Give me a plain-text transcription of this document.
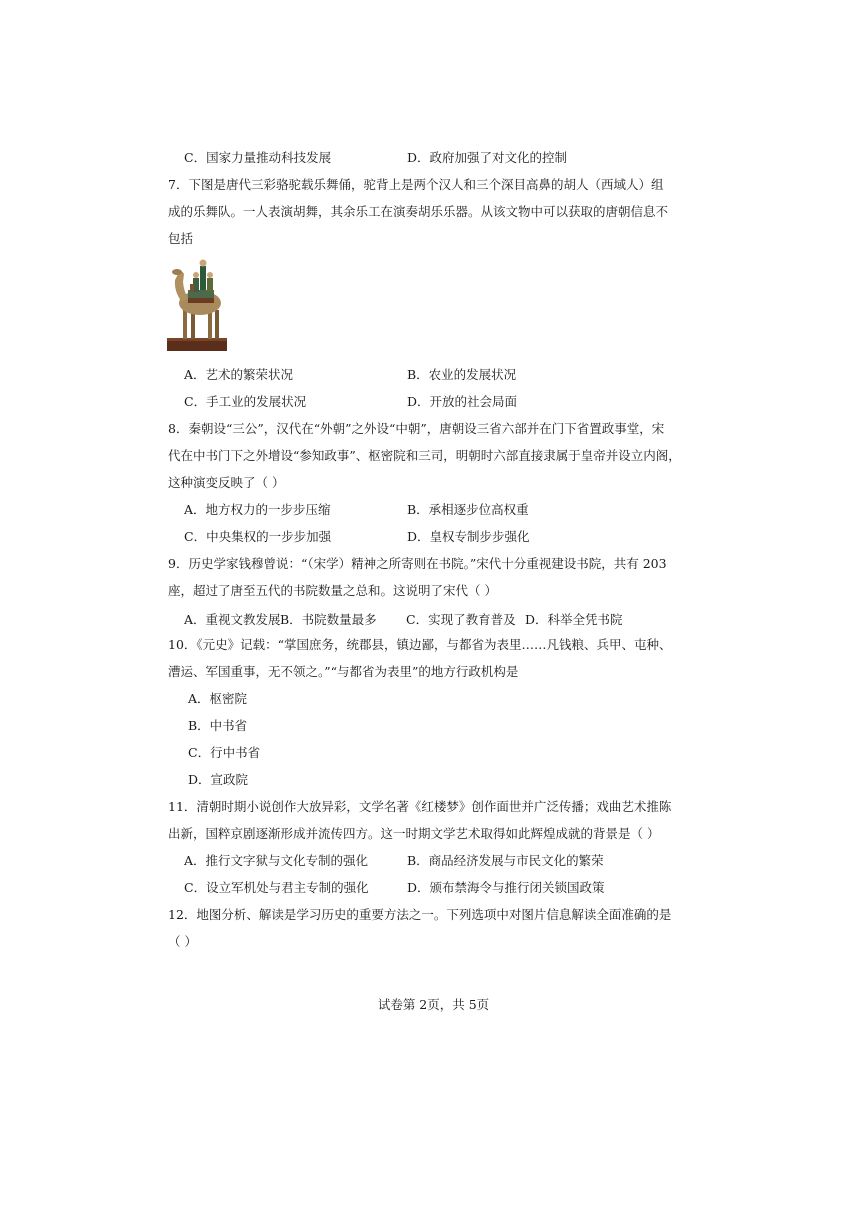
C．国家力量推动科技发展	D．政府加强了对文化的控制
7．下图是唐代三彩骆驼载乐舞俑，驼背上是两个汉人和三个深目高鼻的胡人（西域人）组
成的乐舞队。一人表演胡舞，其余乐工在演奏胡乐乐器。从该文物中可以获取的唐朝信息不
包括
A．艺术的繁荣状况	B．农业的发展状况
C．手工业的发展状况	D．开放的社会局面
8．秦朝设“三公”，汉代在“外朝”之外设“中朝”，唐朝设三省六部并在门下省置政事堂，宋
代在中书门下之外增设“参知政事”、枢密院和三司，明朝时六部直接隶属于皇帝并设立内阁，
这种演变反映了（ ）
A．地方权力的一步步压缩	B．承相逐步位高权重
C．中央集权的一步步加强	D．皇权专制步步强化
9．历史学家钱穆曾说：“（宋学）精神之所寄则在书院。”宋代十分重视建设书院，共有 203
座，超过了唐至五代的书院数量之总和。这说明了宋代（ ）
A．重视文教发展 B．书院数量最多 C．实现了教育普及 D．科举全凭书院
10．《元史》记载：“掌国庶务，统郡县，镇边鄙，与都省为表里……凡钱粮、兵甲、屯种、
漕运、军国重事，无不领之。”“与都省为表里”的地方行政机构是
A．枢密院
B．中书省
C．行中书省
D．宣政院
11．清朝时期小说创作大放异彩，文学名著《红楼梦》创作面世并广泛传播；戏曲艺术推陈
出新，国粹京剧逐渐形成并流传四方。这一时期文学艺术取得如此辉煌成就的背景是（ ）
A．推行文字狱与文化专制的强化	B．商品经济发展与市民文化的繁荣
C．设立军机处与君主专制的强化	D．颁布禁海令与推行闭关锁国政策
12．地图分析、解读是学习历史的重要方法之一。下列选项中对图片信息解读全面准确的是
（ ）
试卷第 2页，共 5页
